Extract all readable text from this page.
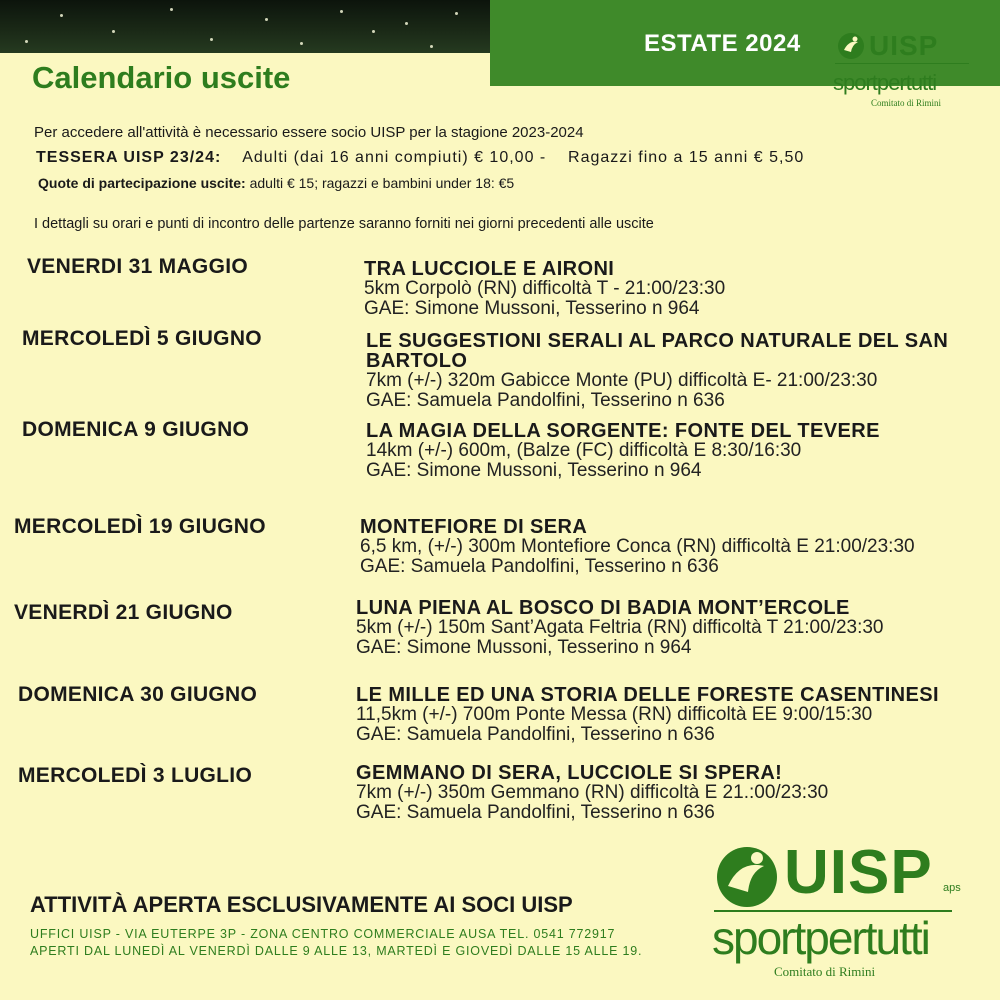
ESTATE 2024 UISP
sportpertutti
Comitato di Rimini
Calendario uscite
Per accedere all'attività è necessario essere socio UISP per la stagione 2023-2024
TESSERA UISP 23/24: Adulti (dai 16 anni compiuti) € 10,00 - Ragazzi fino a 15 anni € 5,50
Quote di partecipazione uscite: adulti € 15; ragazzi e bambini under 18: €5
I dettagli su orari e punti di incontro delle partenze saranno forniti nei giorni precedenti alle uscite
VENERDI 31 MAGGIO	TRA LUCCIOLE E AIRONI
5km Corpolò (RN) difficoltà T - 21:00/23:30
GAE: Simone Mussoni, Tesserino n 964
MERCOLEDÌ 5 GIUGNO	LE SUGGESTIONI SERALI AL PARCO NATURALE DEL SAN BARTOLO
7km (+/-) 320m Gabicce Monte (PU) difficoltà E- 21:00/23:30
GAE: Samuela Pandolfini, Tesserino n 636
DOMENICA 9 GIUGNO	LA MAGIA DELLA SORGENTE: FONTE DEL TEVERE
14km (+/-) 600m, (Balze (FC) difficoltà E 8:30/16:30
GAE: Simone Mussoni, Tesserino n 964
MERCOLEDÌ 19 GIUGNO	MONTEFIORE DI SERA
6,5 km, (+/-) 300m Montefiore Conca (RN) difficoltà E 21:00/23:30
GAE: Samuela Pandolfini, Tesserino n 636
VENERDÌ 21 GIUGNO	LUNA PIENA AL BOSCO DI BADIA MONT’ERCOLE
5km (+/-) 150m Sant’Agata Feltria (RN) difficoltà T 21:00/23:30
GAE: Simone Mussoni, Tesserino n 964
DOMENICA 30 GIUGNO	LE MILLE ED UNA STORIA DELLE FORESTE CASENTINESI
11,5km (+/-) 700m Ponte Messa (RN) difficoltà EE 9:00/15:30
GAE: Samuela Pandolfini, Tesserino n 636
MERCOLEDÌ 3 LUGLIO	GEMMANO DI SERA, LUCCIOLE SI SPERA!
7km (+/-) 350m Gemmano (RN) difficoltà E 21.:00/23:30
GAE: Samuela Pandolfini, Tesserino n 636
ATTIVITÀ APERTA ESCLUSIVAMENTE AI SOCI UISP
UFFICI UISP - VIA EUTERPE 3P - ZONA CENTRO COMMERCIALE AUSA TEL. 0541 772917
APERTI DAL LUNEDÌ AL VENERDÌ DALLE 9 ALLE 13, MARTEDÌ E GIOVEDÌ DALLE 15 ALLE 19.
UISP aps
sportpertutti
Comitato di Rimini
